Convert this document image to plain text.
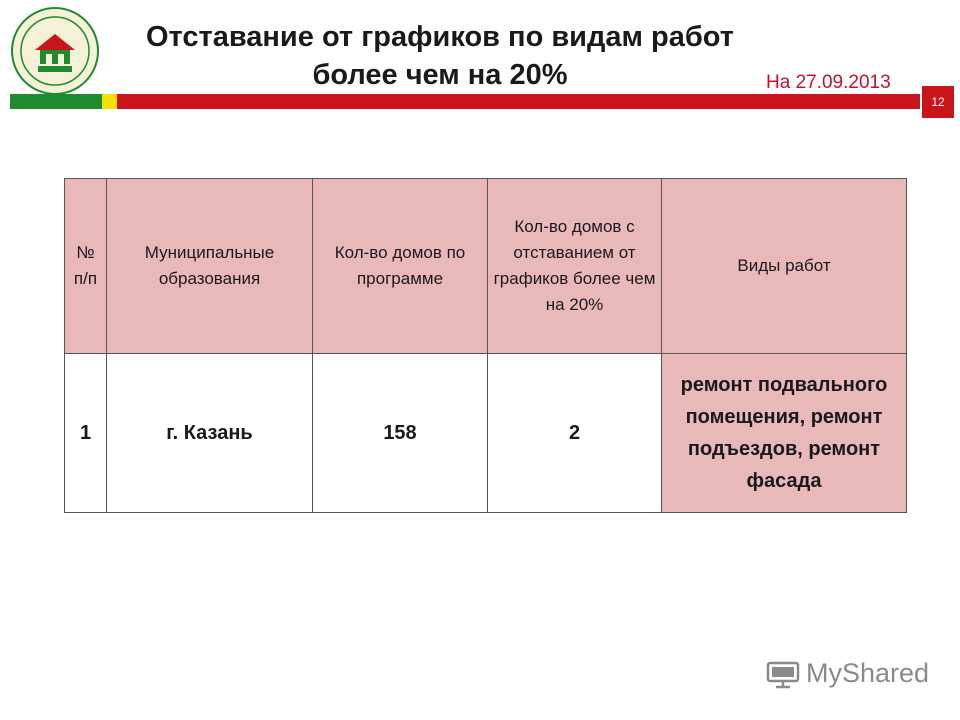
Отставание от графиков по видам работ
более чем на 20%	На 27.09.2013
12
№ п/п	Муниципальные образования	Кол-во домов по программе	Кол-во домов с отставанием от графиков более чем на 20%	Виды работ
1	г. Казань	158	2	ремонт подвального помещения, ремонт подъездов, ремонт фасада
MyShared
